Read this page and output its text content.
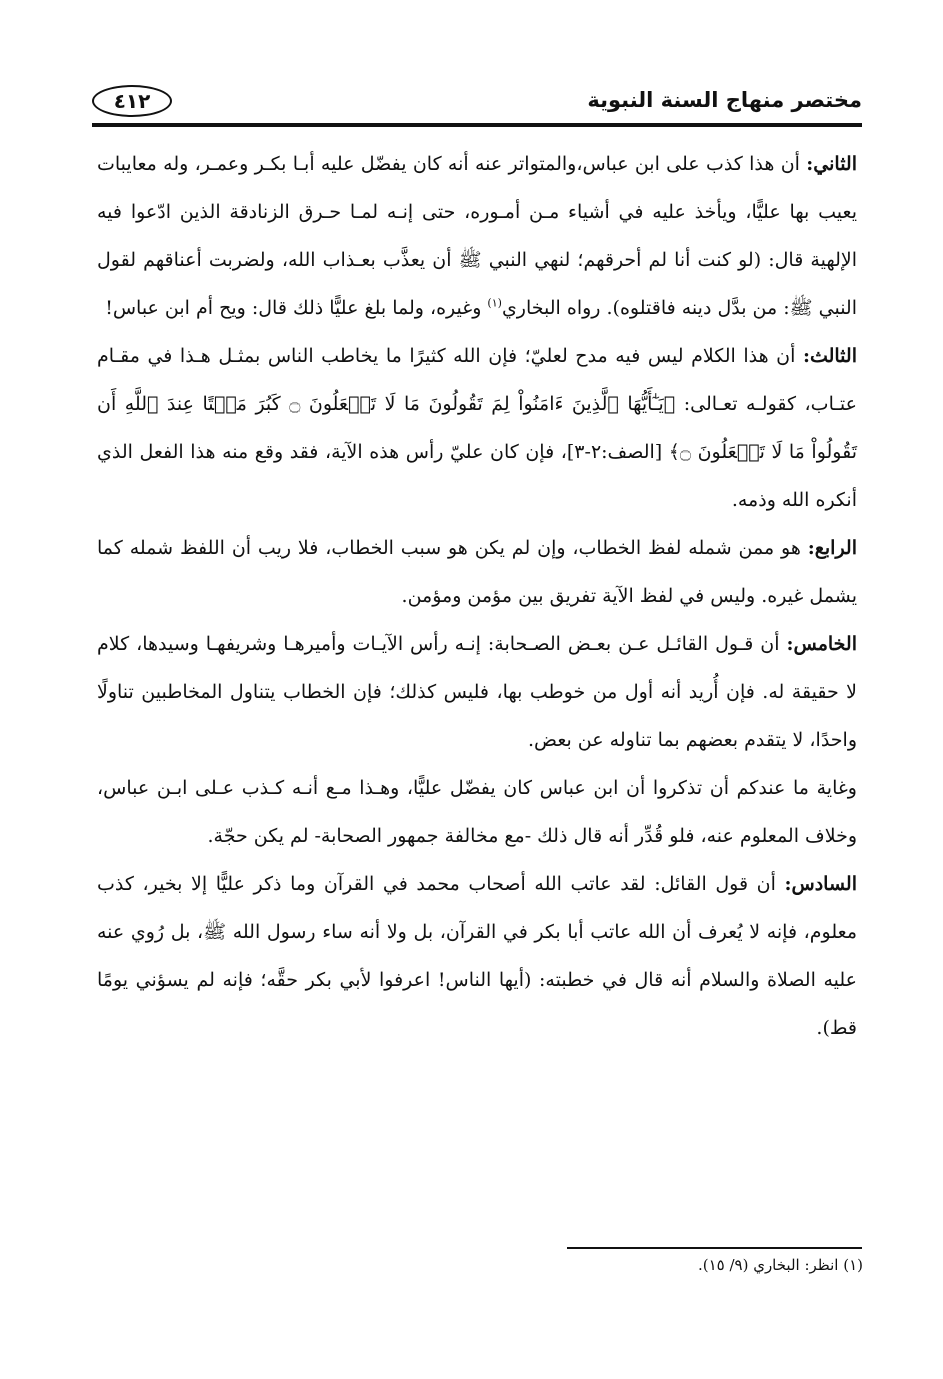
مختصر منهاج السنة النبوية
٤١٢

الثاني: أن هذا كذب على ابن عباس،والمتواتر عنه أنه كان يفضّل عليه أبـا بكـر وعمـر، وله معايبات يعيب بها عليًّا، ويأخذ عليه في أشياء مـن أمـوره، حتى إنـه لمـا حـرق الزنادقة الذين ادّعوا فيه الإلهية قال: (لو كنت أنا لم أحرقهم؛ لنهي النبي ﷺ أن يعذَّب بعـذاب الله، ولضربت أعناقهم لقول النبي ﷺ: من بدَّل دينه فاقتلوه). رواه البخاري$^{(١)}$ وغيره، ولما بلغ عليًّا ذلك قال: ويح أم ابن عباس!

الثالث: أن هذا الكلام ليس فيه مدح لعليّ؛ فإن الله كثيرًا ما يخاطب الناس بمثـل هـذا في مقـام عتـاب، كقولـه تعـالى: ﴿يَـٰٓأَيُّهَا ٱلَّذِينَ ءَامَنُواْ لِمَ تَقُولُونَ مَا لَا تَفۡعَلُونَ ۝ كَبُرَ مَقۡتًا عِندَ ٱللَّهِ أَن تَقُولُواْ مَا لَا تَفۡعَلُونَ ۝﴾ [الصف:٢-٣]، فإن كان عليّ رأس هذه الآية، فقد وقع منه هذا الفعل الذي أنكره الله وذمه.

الرابع: هو ممن شمله لفظ الخطاب، وإن لم يكن هو سبب الخطاب، فلا ريب أن اللفظ شمله كما يشمل غيره. وليس في لفظ الآية تفريق بين مؤمن ومؤمن.

الخامس: أن قـول القائـل عـن بعـض الصـحابة: إنـه رأس الآيـات وأميرهـا وشريفهـا وسيدها، كلام لا حقيقة له. فإن أُريد أنه أول من خوطب بها، فليس كذلك؛ فإن الخطاب يتناول المخاطبين تناولًا واحدًا، لا يتقدم بعضهم بما تناوله عن بعض.

وغاية ما عندكم أن تذكروا أن ابن عباس كان يفضّل عليًّا، وهـذا مـع أنـه كـذب عـلى ابـن عباس، وخلاف المعلوم عنه، فلو قُدِّر أنه قال ذلك -مع مخالفة جمهور الصحابة- لم يكن حجّة.

السادس: أن قول القائل: لقد عاتب الله أصحاب محمد في القرآن وما ذكر عليًّا إلا بخير، كذب معلوم، فإنه لا يُعرف أن الله عاتب أبا بكر في القرآن، بل ولا أنه ساء رسول الله ﷺ، بل رُوي عنه عليه الصلاة والسلام أنه قال في خطبته: (أيها الناس! اعرفوا لأبي بكر حقَّه؛ فإنه لم يسؤني يومًا قط).

(١) انظر: البخاري (٩/ ١٥).
